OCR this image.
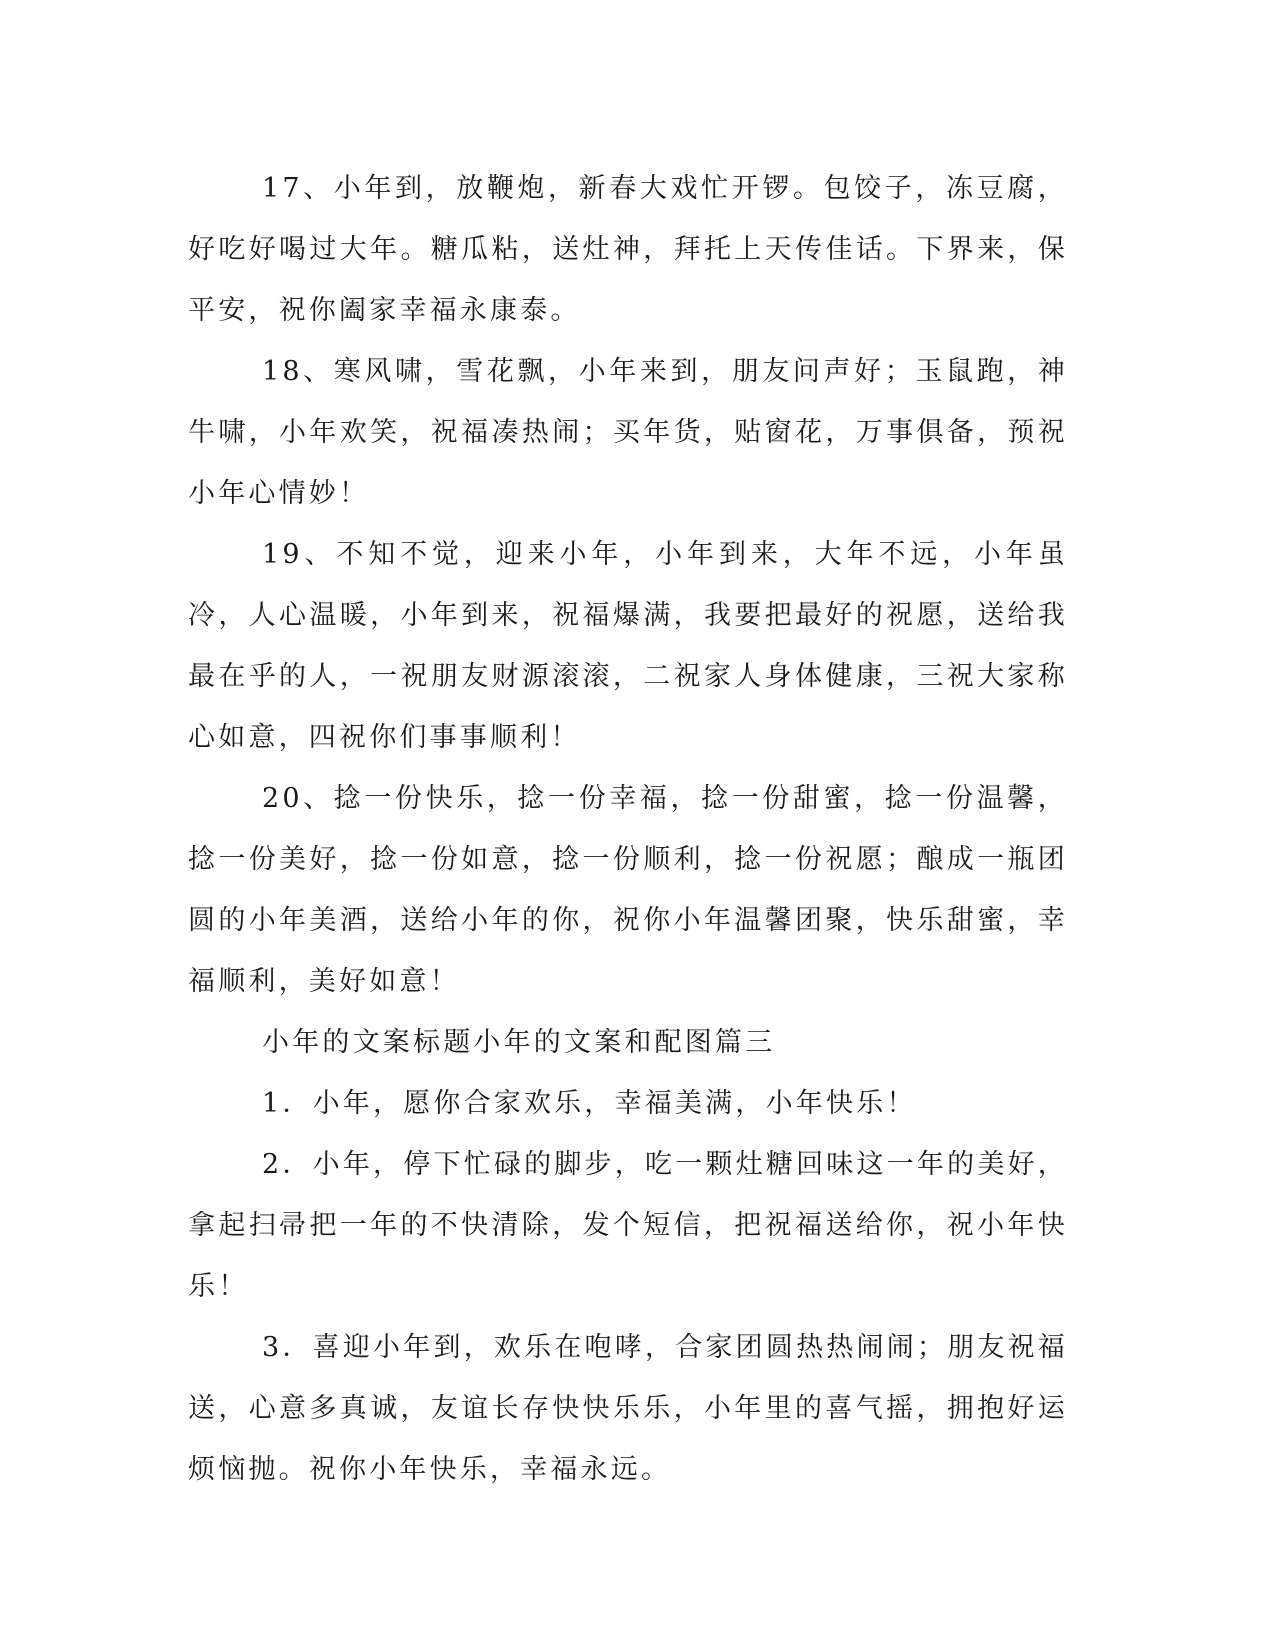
17、小年到，放鞭炮，新春大戏忙开锣。包饺子，冻豆腐，好吃好喝过大年。糖瓜粘，送灶神，拜托上天传佳话。下界来，保平安，祝你阖家幸福永康泰。

18、寒风啸，雪花飘，小年来到，朋友问声好；玉鼠跑，神牛啸，小年欢笑，祝福凑热闹；买年货，贴窗花，万事俱备，预祝小年心情妙！

19、不知不觉，迎来小年，小年到来，大年不远，小年虽冷，人心温暖，小年到来，祝福爆满，我要把最好的祝愿，送给我最在乎的人，一祝朋友财源滚滚，二祝家人身体健康，三祝大家称心如意，四祝你们事事顺利！

20、捻一份快乐，捻一份幸福，捻一份甜蜜，捻一份温馨，捻一份美好，捻一份如意，捻一份顺利，捻一份祝愿；酿成一瓶团圆的小年美酒，送给小年的你，祝你小年温馨团聚，快乐甜蜜，幸福顺利，美好如意！

小年的文案标题小年的文案和配图篇三

1．小年，愿你合家欢乐，幸福美满，小年快乐！

2．小年，停下忙碌的脚步，吃一颗灶糖回味这一年的美好，拿起扫帚把一年的不快清除，发个短信，把祝福送给你，祝小年快乐！

3．喜迎小年到，欢乐在咆哮，合家团圆热热闹闹；朋友祝福送，心意多真诚，友谊长存快快乐乐，小年里的喜气摇，拥抱好运烦恼抛。祝你小年快乐，幸福永远。
